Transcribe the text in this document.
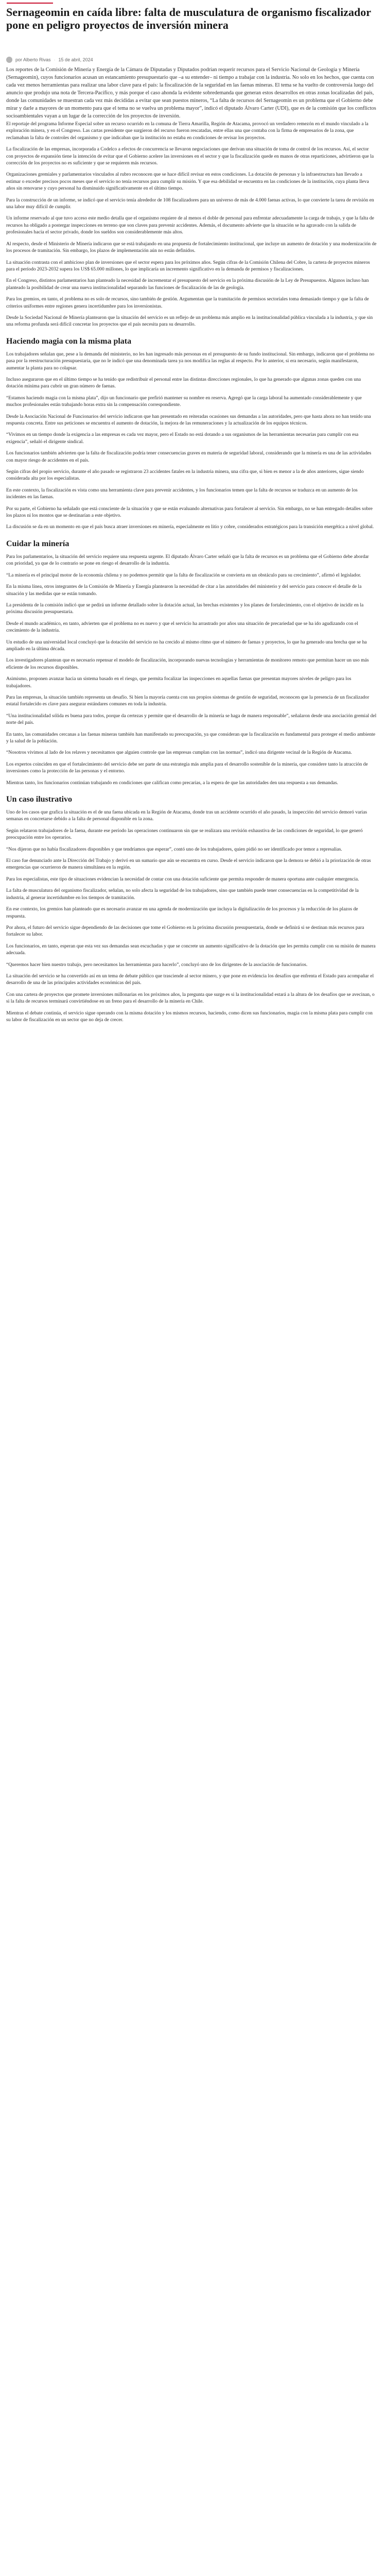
Sernageomin en caída libre: falta de musculatura de organismo fiscalizador pone en peligro proyectos de inversión minera
por Alberto Rivas · 15 de abril, 2024

Los reportes de la Comisión de Minería y Energía de la Cámara de Diputadas y Diputados podrían requerir recursos para el Servicio Nacional de Geología y Minería (Sernageomin), cuyos funcionarios acusan un estancamiento presupuestario que –a su entender– ni tiempo a trabajar con la industria. No solo en los hechos, que cuenta con cada vez menos herramientas para realizar una labor clave para el país: la fiscalización de la seguridad en las faenas mineras. El tema se ha vuelto de controversia luego del anuncio que produjo una nota de Tercera-Pacífico, y más porque el caso ahonda la evidente sobredemanda que generan estos desarrollos en otras zonas localizadas del país, donde las comunidades se muestran cada vez más decididas a evitar que sean puestos mineros, “La falta de recursos del Sernageomin es un problema que el Gobierno debe mirar y darle a mayores de un momento para que el tema no se vuelva un problema mayor”, indicó el diputado Álvaro Carter (UDI), que es de la comisión que los conflictos socioambientales vayan a un lugar de la corrección de los proyectos de inversión.

El reportaje del programa Informe Especial sobre un recurso ocurrido en la comuna de Tierra Amarilla, Región de Atacama, provocó un verdadero remezón en el mundo vinculado a la exploración minera, y en el Congreso. Las cartas presidente que surgieron del recurso fueron rescatadas, entre ellas una que contaba con la firma de empresarios de la zona, que reclamaban la falta de controles del organismo y que indicaban que la institución no estaba en condiciones de revisar los proyectos.

La fiscalización de las empresas, incorporada a Codelco a efectos de concurrencia se llevaron negociaciones que derivan una situación de toma de control de los recursos. Así, el sector con proyectos de expansión tiene la intención de evitar que el Gobierno acelere las inversiones en el sector y que la fiscalización quede en manos de otras reparticiones, advirtieron que la corrección de los proyectos no es suficiente y que se requieren más recursos.

Organizaciones gremiales y parlamentarios vinculados al rubro reconocen que se hace difícil revisar en estos condiciones. La dotación de personas y la infraestructura han llevado a estimar o exceder precisos pocos meses que el servicio no tenía recursos para cumplir su misión. Y que esa debilidad se encuentra en las condiciones de la institución, cuya planta lleva años sin renovarse y cuyo personal ha disminuido significativamente en el último tiempo.

Para la construcción de un informe, se indicó que el servicio tenía alrededor de 108 fiscalizadores para un universo de más de 4.000 faenas activas, lo que convierte la tarea de revisión en una labor muy difícil de cumplir.

Un informe reservado al que tuvo acceso este medio detalla que el organismo requiere de al menos el doble de personal para enfrentar adecuadamente la carga de trabajo, y que la falta de recursos ha obligado a postergar inspecciones en terreno que son claves para prevenir accidentes. Además, el documento advierte que la situación se ha agravado con la salida de profesionales hacia el sector privado, donde los sueldos son considerablemente más altos.

Al respecto, desde el Ministerio de Minería indicaron que se está trabajando en una propuesta de fortalecimiento institucional, que incluye un aumento de dotación y una modernización de los procesos de tramitación. Sin embargo, los plazos de implementación aún no están definidos.

La situación contrasta con el ambicioso plan de inversiones que el sector espera para los próximos años. Según cifras de la Comisión Chilena del Cobre, la cartera de proyectos mineros para el período 2023-2032 supera los US$ 65.000 millones, lo que implicaría un incremento significativo en la demanda de permisos y fiscalizaciones.

En el Congreso, distintos parlamentarios han planteado la necesidad de incrementar el presupuesto del servicio en la próxima discusión de la Ley de Presupuestos. Algunos incluso han planteado la posibilidad de crear una nueva institucionalidad separando las funciones de fiscalización de las de geología.

Para los gremios, en tanto, el problema no es solo de recursos, sino también de gestión. Argumentan que la tramitación de permisos sectoriales toma demasiado tiempo y que la falta de criterios uniformes entre regiones genera incertidumbre para los inversionistas.

Desde la Sociedad Nacional de Minería plantearon que la situación del servicio es un reflejo de un problema más amplio en la institucionalidad pública vinculada a la industria, y que sin una reforma profunda será difícil concretar los proyectos que el país necesita para su desarrollo.

Haciendo magia con la misma plata

Los trabajadores señalan que, pese a la demanda del ministerio, no les han ingresado más personas en el presupuesto de su fundo institucional. Sin embargo, indicaron que el problema no pasa por la reestructuración presupuestaria, que no le indicó que una denominada tarea ya nos modifica las reglas al respecto. Por lo anterior, si era necesario, según manifestaron, aumentar la planta para no colapsar.

Incluso aseguraron que en el último tiempo se ha tenido que redistribuir el personal entre las distintas direcciones regionales, lo que ha generado que algunas zonas queden con una dotación mínima para cubrir un gran número de faenas.

“Estamos haciendo magia con la misma plata”, dijo un funcionario que prefirió mantener su nombre en reserva. Agregó que la carga laboral ha aumentado considerablemente y que muchos profesionales están trabajando horas extra sin la compensación correspondiente.

Desde la Asociación Nacional de Funcionarios del servicio indicaron que han presentado en reiteradas ocasiones sus demandas a las autoridades, pero que hasta ahora no han tenido una respuesta concreta. Entre sus peticiones se encuentra el aumento de dotación, la mejora de las remuneraciones y la actualización de los equipos técnicos.

“Vivimos en un tiempo donde la exigencia a las empresas es cada vez mayor, pero el Estado no está dotando a sus organismos de las herramientas necesarias para cumplir con esa exigencia”, señaló el dirigente sindical.

Los funcionarios también advierten que la falta de fiscalización podría tener consecuencias graves en materia de seguridad laboral, considerando que la minería es una de las actividades con mayor riesgo de accidentes en el país.

Según cifras del propio servicio, durante el año pasado se registraron 23 accidentes fatales en la industria minera, una cifra que, si bien es menor a la de años anteriores, sigue siendo considerada alta por los especialistas.

En este contexto, la fiscalización es vista como una herramienta clave para prevenir accidentes, y los funcionarios temen que la falta de recursos se traduzca en un aumento de los incidentes en las faenas.

Por su parte, el Gobierno ha señalado que está consciente de la situación y que se están evaluando alternativas para fortalecer al servicio. Sin embargo, no se han entregado detalles sobre los plazos ni los montos que se destinarían a este objetivo.

La discusión se da en un momento en que el país busca atraer inversiones en minería, especialmente en litio y cobre, considerados estratégicos para la transición energética a nivel global.

Cuidar la minería

Para los parlamentarios, la situación del servicio requiere una respuesta urgente. El diputado Álvaro Carter señaló que la falta de recursos es un problema que el Gobierno debe abordar con prioridad, ya que de lo contrario se pone en riesgo el desarrollo de la industria.

“La minería es el principal motor de la economía chilena y no podemos permitir que la falta de fiscalización se convierta en un obstáculo para su crecimiento”, afirmó el legislador.

En la misma línea, otros integrantes de la Comisión de Minería y Energía plantearon la necesidad de citar a las autoridades del ministerio y del servicio para conocer el detalle de la situación y las medidas que se están tomando.

La presidenta de la comisión indicó que se pedirá un informe detallado sobre la dotación actual, las brechas existentes y los planes de fortalecimiento, con el objetivo de incidir en la próxima discusión presupuestaria.

Desde el mundo académico, en tanto, advierten que el problema no es nuevo y que el servicio ha arrastrado por años una situación de precariedad que se ha ido agudizando con el crecimiento de la industria.

Un estudio de una universidad local concluyó que la dotación del servicio no ha crecido al mismo ritmo que el número de faenas y proyectos, lo que ha generado una brecha que se ha ampliado en la última década.

Los investigadores plantean que es necesario repensar el modelo de fiscalización, incorporando nuevas tecnologías y herramientas de monitoreo remoto que permitan hacer un uso más eficiente de los recursos disponibles.

Asimismo, proponen avanzar hacia un sistema basado en el riesgo, que permita focalizar las inspecciones en aquellas faenas que presentan mayores niveles de peligro para los trabajadores.

Para las empresas, la situación también representa un desafío. Si bien la mayoría cuenta con sus propios sistemas de gestión de seguridad, reconocen que la presencia de un fiscalizador estatal fortalecido es clave para asegurar estándares comunes en toda la industria.

“Una institucionalidad sólida es buena para todos, porque da certezas y permite que el desarrollo de la minería se haga de manera responsable”, señalaron desde una asociación gremial del norte del país.

En tanto, las comunidades cercanas a las faenas mineras también han manifestado su preocupación, ya que consideran que la fiscalización es fundamental para proteger el medio ambiente y la salud de la población.

“Nosotros vivimos al lado de los relaves y necesitamos que alguien controle que las empresas cumplan con las normas”, indicó una dirigente vecinal de la Región de Atacama.

Los expertos coinciden en que el fortalecimiento del servicio debe ser parte de una estrategia más amplia para el desarrollo sostenible de la minería, que considere tanto la atracción de inversiones como la protección de las personas y el entorno.

Mientras tanto, los funcionarios continúan trabajando en condiciones que califican como precarias, a la espera de que las autoridades den una respuesta a sus demandas.

Un caso ilustrativo

Uno de los casos que grafica la situación es el de una faena ubicada en la Región de Atacama, donde tras un accidente ocurrido el año pasado, la inspección del servicio demoró varias semanas en concretarse debido a la falta de personal disponible en la zona.

Según relataron trabajadores de la faena, durante ese período las operaciones continuaron sin que se realizara una revisión exhaustiva de las condiciones de seguridad, lo que generó preocupación entre los operarios.

“Nos dijeron que no había fiscalizadores disponibles y que tendríamos que esperar”, contó uno de los trabajadores, quien pidió no ser identificado por temor a represalias.

El caso fue denunciado ante la Dirección del Trabajo y derivó en un sumario que aún se encuentra en curso. Desde el servicio indicaron que la demora se debió a la priorización de otras emergencias que ocurrieron de manera simultánea en la región.

Para los especialistas, este tipo de situaciones evidencian la necesidad de contar con una dotación suficiente que permita responder de manera oportuna ante cualquier emergencia.

La falta de musculatura del organismo fiscalizador, señalan, no solo afecta la seguridad de los trabajadores, sino que también puede tener consecuencias en la competitividad de la industria, al generar incertidumbre en los tiempos de tramitación.

En ese contexto, los gremios han planteado que es necesario avanzar en una agenda de modernización que incluya la digitalización de los procesos y la reducción de los plazos de respuesta.

Por ahora, el futuro del servicio sigue dependiendo de las decisiones que tome el Gobierno en la próxima discusión presupuestaria, donde se definirá si se destinan más recursos para fortalecer su labor.

Los funcionarios, en tanto, esperan que esta vez sus demandas sean escuchadas y que se concrete un aumento significativo de la dotación que les permita cumplir con su misión de manera adecuada.

“Queremos hacer bien nuestro trabajo, pero necesitamos las herramientas para hacerlo”, concluyó uno de los dirigentes de la asociación de funcionarios.

La situación del servicio se ha convertido así en un tema de debate público que trasciende al sector minero, y que pone en evidencia los desafíos que enfrenta el Estado para acompañar el desarrollo de una de las principales actividades económicas del país.

Con una cartera de proyectos que promete inversiones millonarias en los próximos años, la pregunta que surge es si la institucionalidad estará a la altura de los desafíos que se avecinan, o si la falta de recursos terminará convirtiéndose en un freno para el desarrollo de la minería en Chile.

Mientras el debate continúa, el servicio sigue operando con la misma dotación y los mismos recursos, haciendo, como dicen sus funcionarios, magia con la misma plata para cumplir con su labor de fiscalización en un sector que no deja de crecer.
